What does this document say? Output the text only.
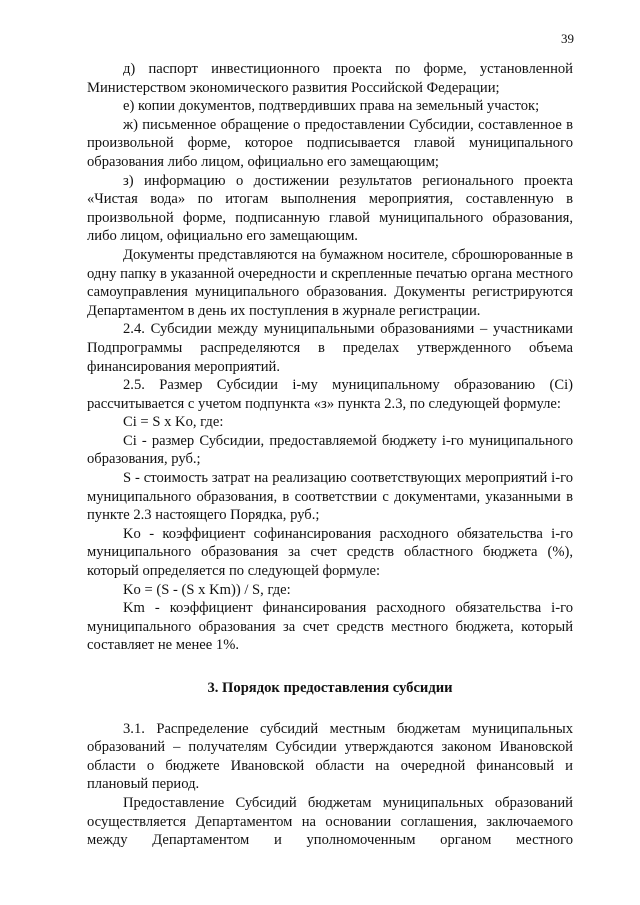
39

д) паспорт инвестиционного проекта по форме, установленной Министерством экономического развития Российской Федерации;

е) копии документов, подтвердивших права на земельный участок;

ж) письменное обращение о предоставлении Субсидии, составленное в произвольной форме, которое подписывается главой муниципального образования либо лицом, официально его замещающим;

з) информацию о достижении результатов регионального проекта «Чистая вода» по итогам выполнения мероприятия, составленную в произвольной форме, подписанную главой муниципального образования, либо лицом, официально его замещающим.

Документы представляются на бумажном носителе, сброшюрованные в одну папку в указанной очередности и скрепленные печатью органа местного самоуправления муниципального образования. Документы регистрируются Департаментом в день их поступления в журнале регистрации.

2.4. Субсидии между муниципальными образованиями – участниками Подпрограммы распределяются в пределах утвержденного объема финансирования мероприятий.

2.5. Размер Субсидии i-му муниципальному образованию (Ci) рассчитывается с учетом подпункта «з» пункта 2.3, по следующей формуле:

Ci = S x Ko, где:

Ci - размер Субсидии, предоставляемой бюджету i-го муниципального образования, руб.;

S - стоимость затрат на реализацию соответствующих мероприятий i-го муниципального образования, в соответствии с документами, указанными в пункте 2.3 настоящего Порядка, руб.;

Ko - коэффициент софинансирования расходного обязательства i-го муниципального образования за счет средств областного бюджета (%), который определяется по следующей формуле:

Ko = (S - (S x Km)) / S, где:

Km - коэффициент финансирования расходного обязательства i-го муниципального образования за счет средств местного бюджета, который составляет не менее 1%.

3. Порядок предоставления субсидии

3.1. Распределение субсидий местным бюджетам муниципальных образований – получателям Субсидии утверждаются законом Ивановской области о бюджете Ивановской области на очередной финансовый и плановый период.

Предоставление Субсидий бюджетам муниципальных образований осуществляется Департаментом на основании соглашения, заключаемого между Департаментом и уполномоченным органом местного
